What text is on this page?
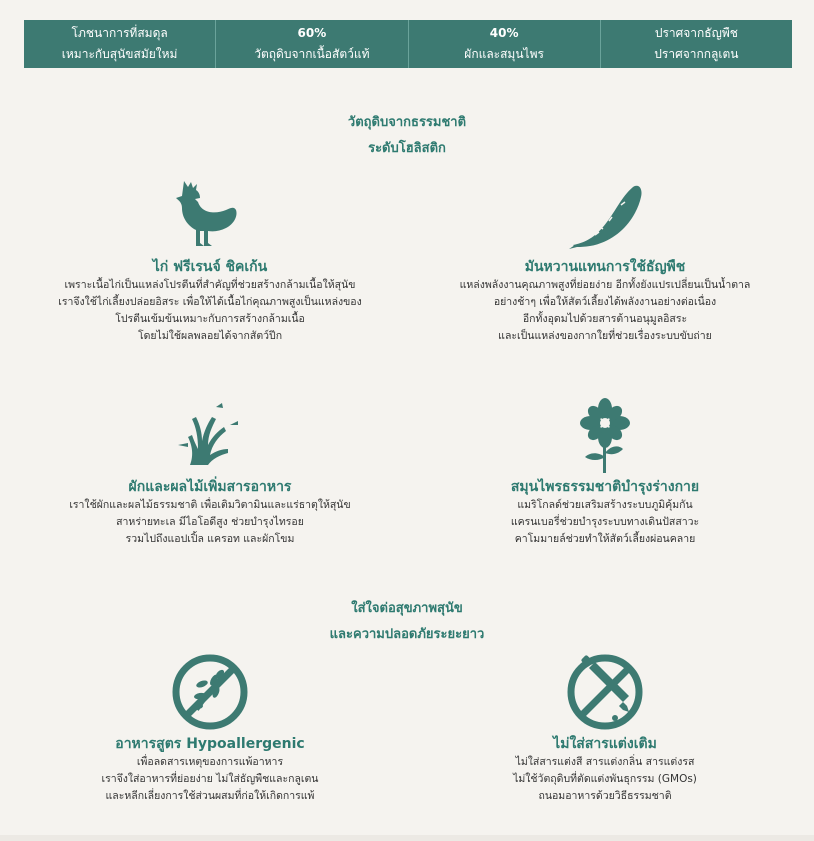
โภชนาการที่สมดุล
เหมาะกับสุนัขสมัยใหม่
60%
วัตถุดิบจากเนื้อสัตว์แท้
40%
ผักและสมุนไพร
ปราศจากธัญพืช
ปราศจากกลูเตน
วัตถุดิบจากธรรมชาติ
ระดับโฮลิสติก
ไก่ ฟรีเรนจ์ ชิคเก้น
เพราะเนื้อไก่เป็นแหล่งโปรตีนที่สำคัญที่ช่วยสร้างกล้ามเนื้อให้สุนัข
เราจึงใช้ไก่เลี้ยงปล่อยอิสระ เพื่อให้ได้เนื้อไก่คุณภาพสูงเป็นแหล่งของ
โปรตีนเข้มข้นเหมาะกับการสร้างกล้ามเนื้อ
โดยไม่ใช้ผลพลอยได้จากสัตว์ปีก
มันหวานแทนการใช้ธัญพืช
แหล่งพลังงานคุณภาพสูงที่ย่อยง่าย อีกทั้งยังแปรเปลี่ยนเป็นน้ำตาล
อย่างช้าๆ เพื่อให้สัตว์เลี้ยงได้พลังงานอย่างต่อเนื่อง
อีกทั้งอุดมไปด้วยสารต้านอนุมูลอิสระ
และเป็นแหล่งของกากใยที่ช่วยเรื่องระบบขับถ่าย
ผักและผลไม้เพิ่มสารอาหาร
เราใช้ผักและผลไม้ธรรมชาติ เพื่อเติมวิตามินและแร่ธาตุให้สุนัข
สาหร่ายทะเล มีไอโอดีสูง ช่วยบำรุงไทรอย
รวมไปถึงแอปเปิ้ล แครอท และผักโขม
สมุนไพรธรรมชาติบำรุงร่างกาย
แมริโกลด์ช่วยเสริมสร้างระบบภูมิคุ้มกัน
แครนเบอรี่ช่วยบำรุงระบบทางเดินปัสสาวะ
คาโมมายล์ช่วยทำให้สัตว์เลี้ยงผ่อนคลาย
ใส่ใจต่อสุขภาพสุนัข
และความปลอดภัยระยะยาว
อาหารสูตร Hypoallergenic
เพื่อลดสารเหตุของการแพ้อาหาร
เราจึงใส่อาหารที่ย่อยง่าย ไม่ใส่ธัญพืชและกลูเตน
และหลีกเลี่ยงการใช้ส่วนผสมที่ก่อให้เกิดการแพ้
ไม่ใส่สารแต่งเติม
ไม่ใส่สารแต่งสี สารแต่งกลิ่น สารแต่งรส
ไม่ใช้วัตถุดิบที่ตัดแต่งพันธุกรรม (GMOs)
ถนอมอาหารด้วยวิธีธรรมชาติ
